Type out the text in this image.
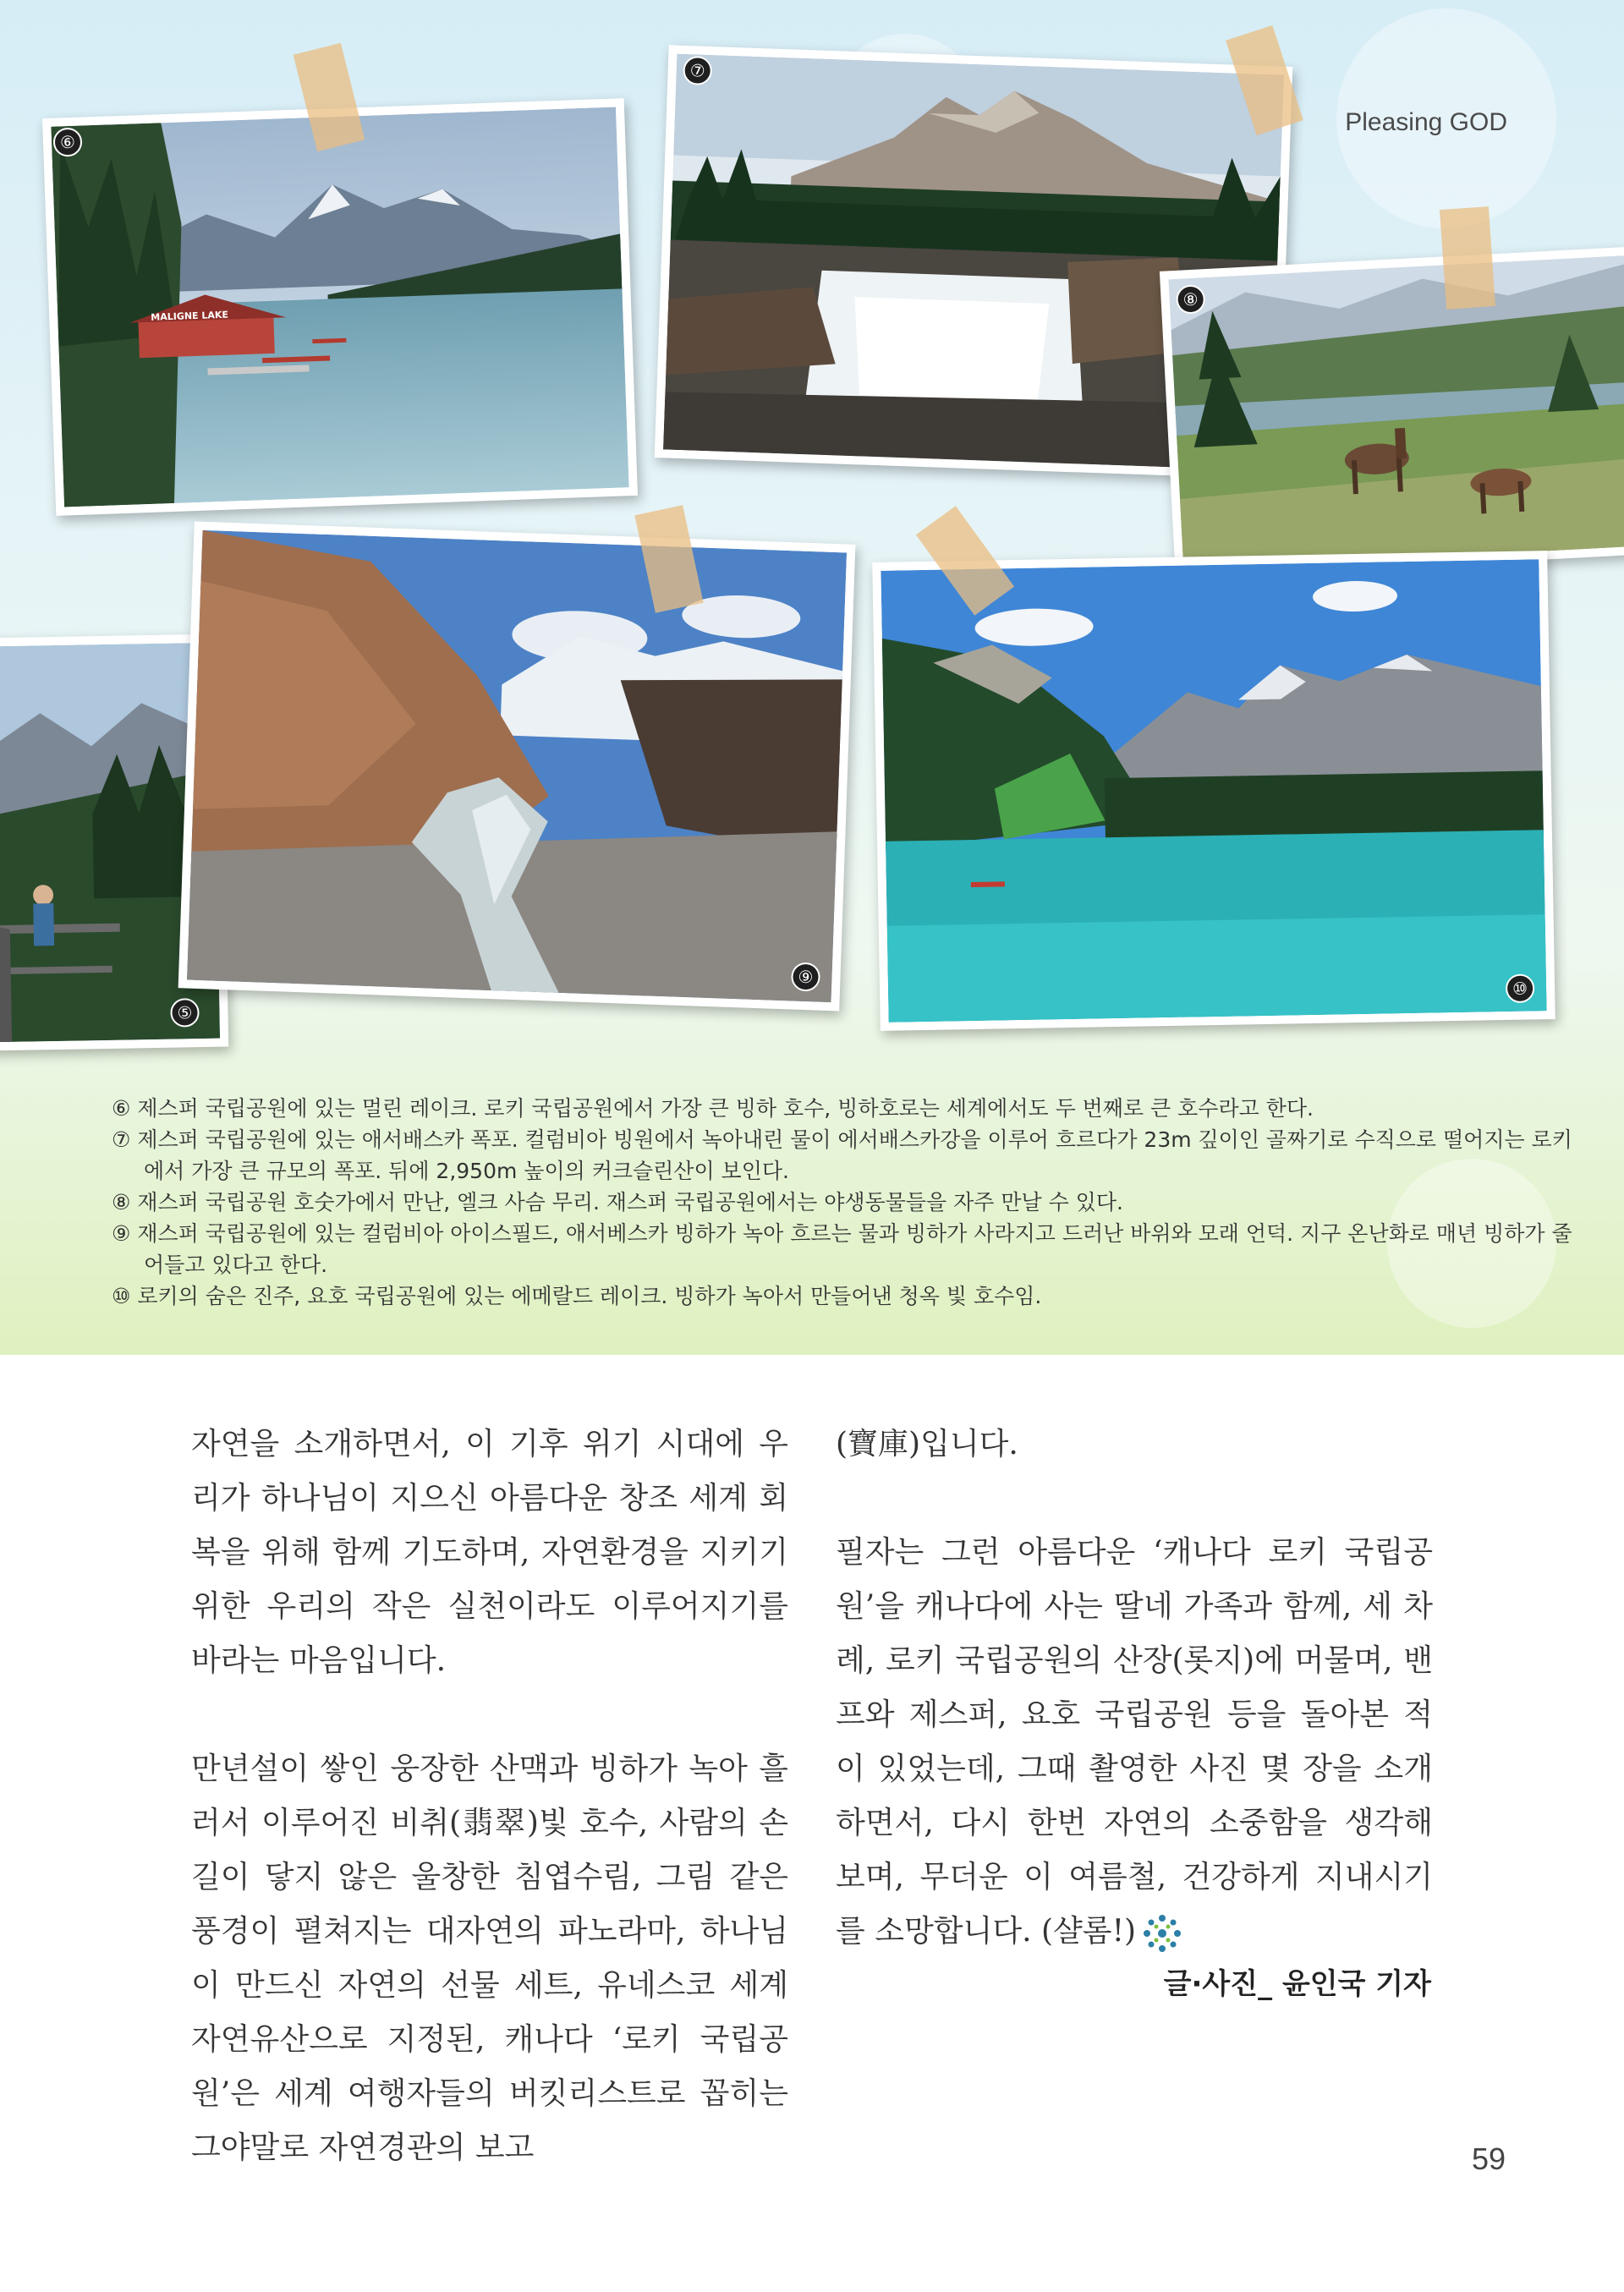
Pleasing GOD
⑥
MALIGNE LAKE
⑦
⑧
⑤
⑨
⑩

⑥ 제스퍼 국립공원에 있는 멀린 레이크. 로키 국립공원에서 가장 큰 빙하 호수, 빙하호로는 세계에서도 두 번째로 큰 호수라고 한다.

⑦ 제스퍼 국립공원에 있는 애서배스카 폭포. 컬럼비아 빙원에서 녹아내린 물이 에서배스카강을 이루어 흐르다가 23m 깊이인 골짜기로 수직으로 떨어지는 로키에서 가장 큰 규모의 폭포. 뒤에 2,950m 높이의 커크슬린산이 보인다.

⑧ 재스퍼 국립공원 호숫가에서 만난, 엘크 사슴 무리. 재스퍼 국립공원에서는 야생동물들을 자주 만날 수 있다.

⑨ 재스퍼 국립공원에 있는 컬럼비아 아이스필드, 애서베스카 빙하가 녹아 흐르는 물과 빙하가 사라지고 드러난 바위와 모래 언덕. 지구 온난화로 매년 빙하가 줄어들고 있다고 한다.

⑩ 로키의 숨은 진주, 요호 국립공원에 있는 에메랄드 레이크. 빙하가 녹아서 만들어낸 청옥 빛 호수임.

자연을 소개하면서, 이 기후 위기 시대에 우리가 하나님이 지으신 아름다운 창조 세계 회복을 위해 함께 기도하며, 자연환경을 지키기 위한 우리의 작은 실천이라도 이루어지기를 바라는 마음입니다.

만년설이 쌓인 웅장한 산맥과 빙하가 녹아 흘러서 이루어진 비취(翡翠)빛 호수, 사람의 손길이 닿지 않은 울창한 침엽수림, 그림 같은 풍경이 펼쳐지는 대자연의 파노라마, 하나님이 만드신 자연의 선물 세트, 유네스코 세계자연유산으로 지정된, 캐나다 ‘로키 국립공원’은 세계 여행자들의 버킷리스트로 꼽히는 그야말로 자연경관의 보고

(寶庫)입니다.

필자는 그런 아름다운 ‘캐나다 로키 국립공원’을 캐나다에 사는 딸네 가족과 함께, 세 차례, 로키 국립공원의 산장(롯지)에 머물며, 밴프와 제스퍼, 요호 국립공원 등을 돌아본 적이 있었는데, 그때 촬영한 사진 몇 장을 소개하면서, 다시 한번 자연의 소중함을 생각해 보며, 무더운 이 여름철, 건강하게 지내시기를 소망합니다. (샬롬!)

글·사진_ 윤인국 기자
59
